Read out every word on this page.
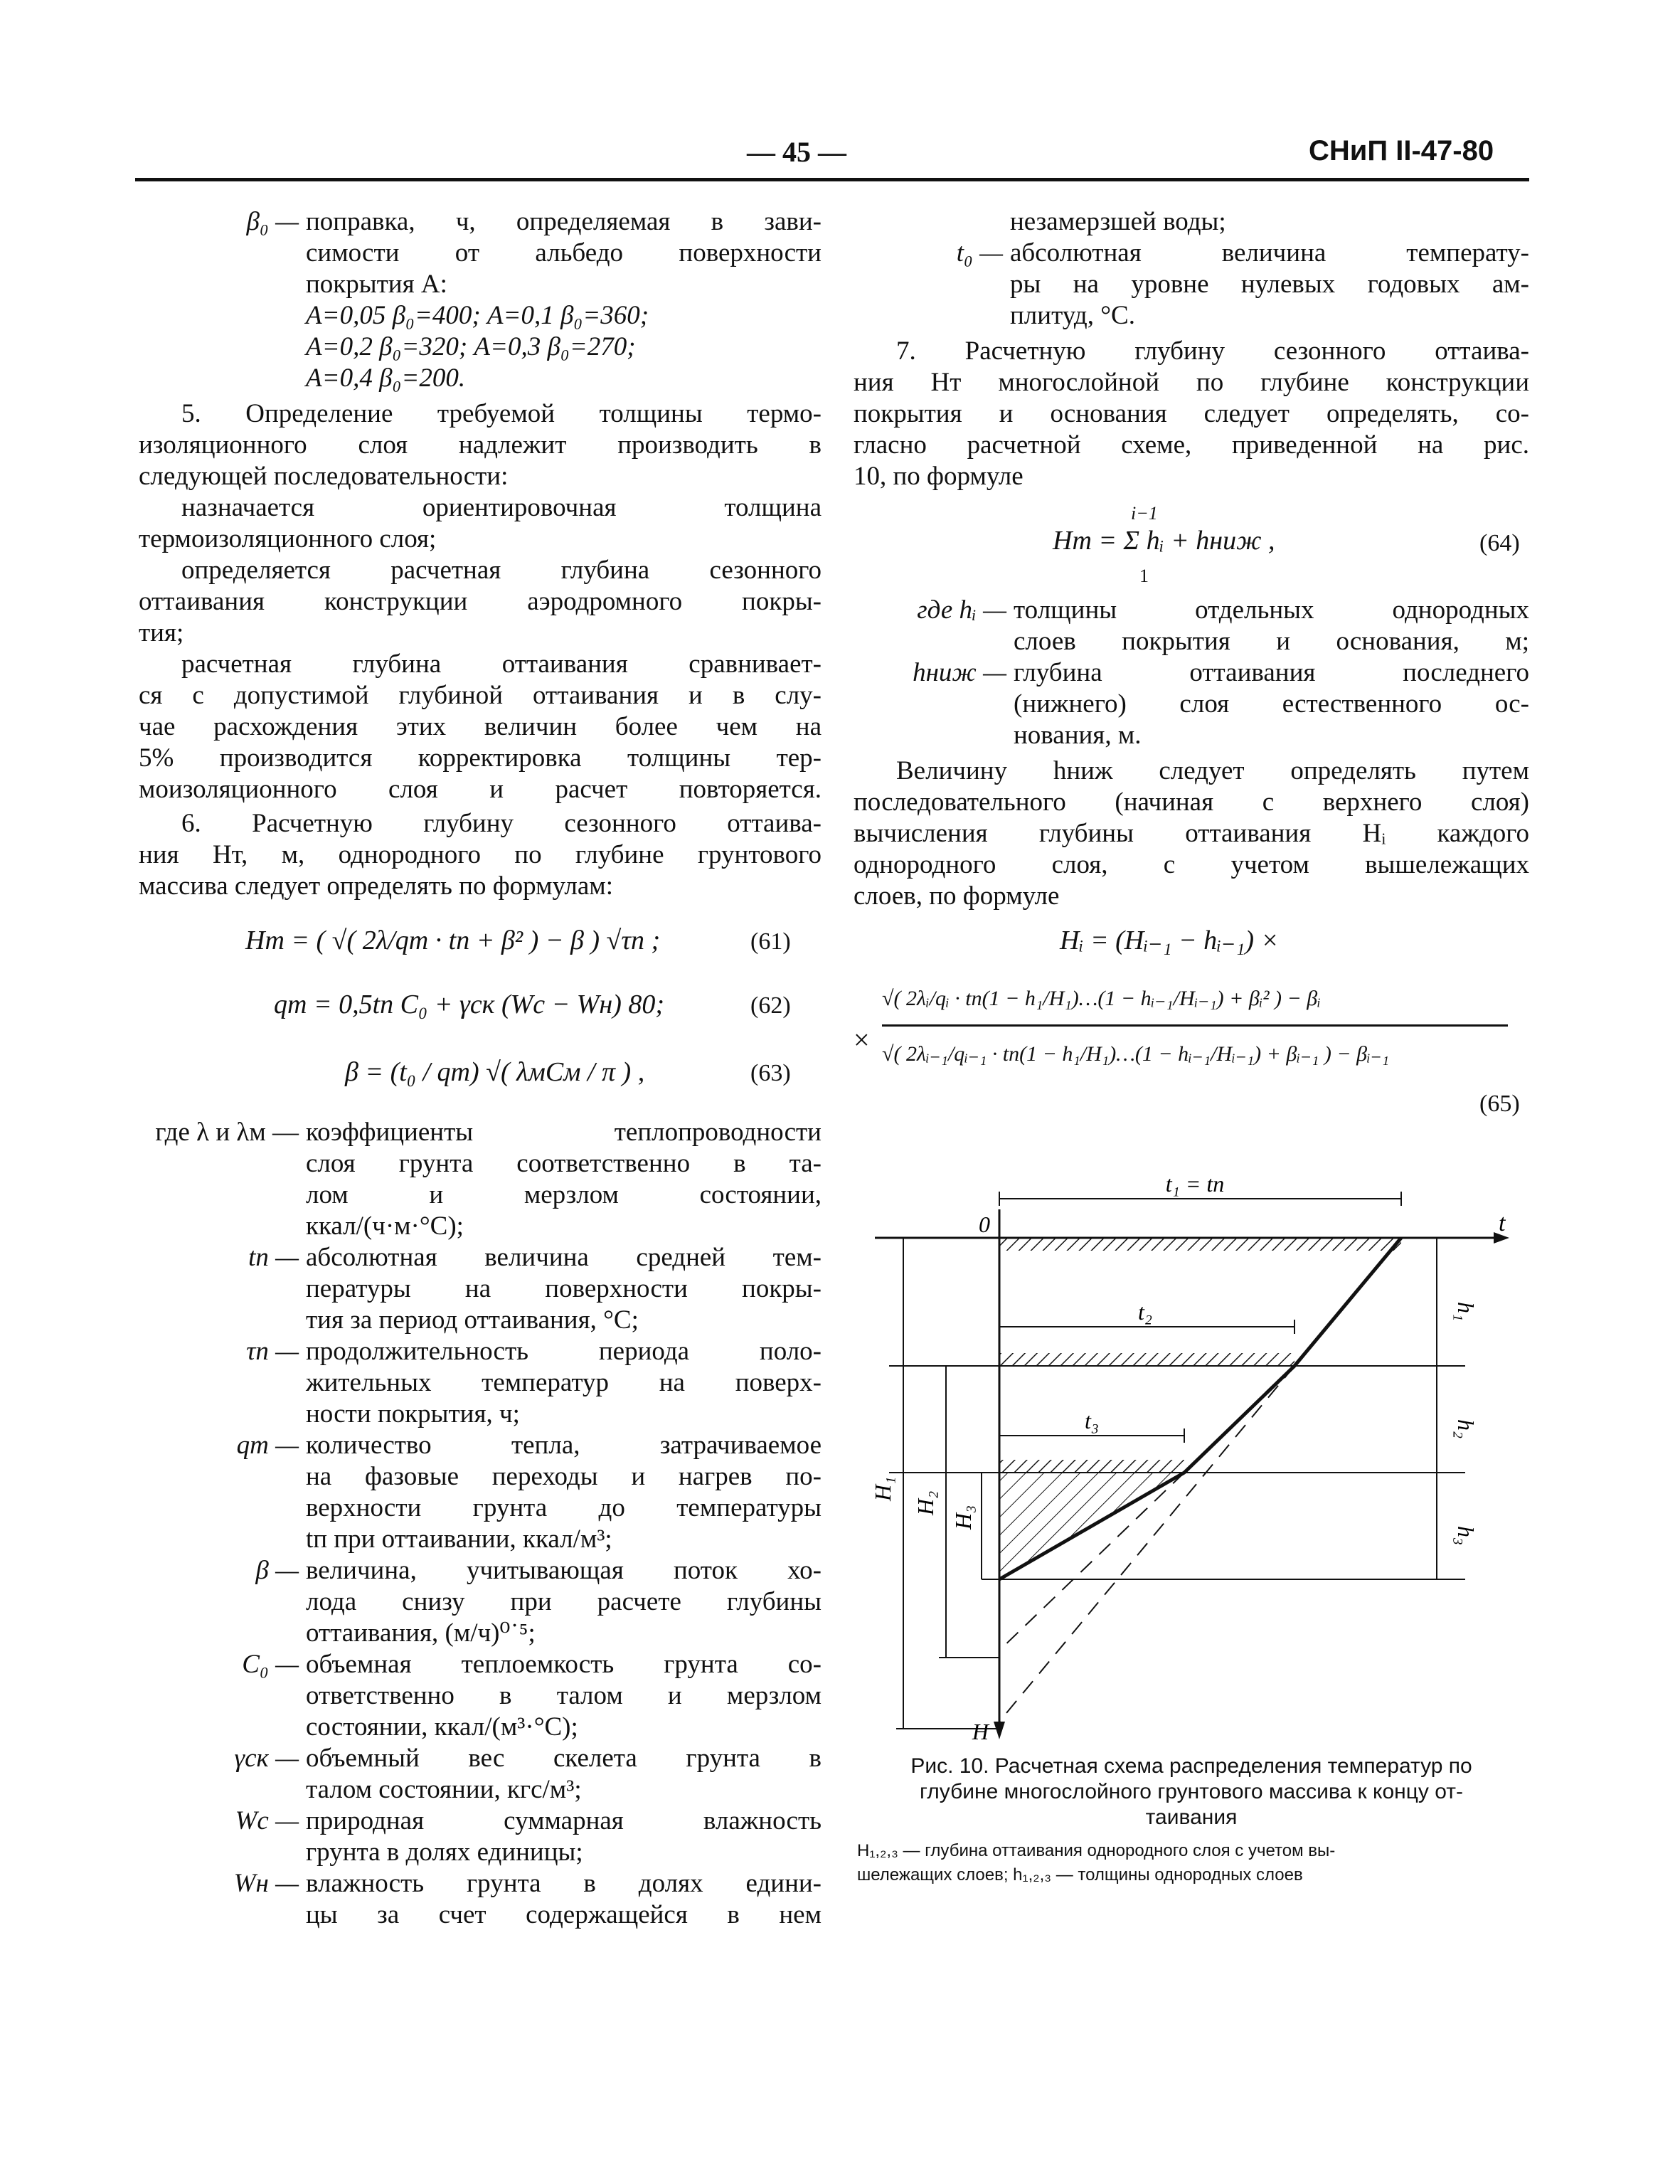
— 45 —	СНиП II-47-80
β₀ — поправка, ч, определяемая в зави-
симости от альбедо поверхности
покрытия A:
A=0,05 β₀=400; A=0,1 β₀=360;
A=0,2 β₀=320; A=0,3 β₀=270;
A=0,4 β₀=200.
5. Определение требуемой толщины термо-
изоляционного слоя надлежит производить в
следующей последовательности:
назначается ориентировочная толщина
термоизоляционного слоя;
определяется расчетная глубина сезонного
оттаивания конструкции аэродромного покры-
тия;
расчетная глубина оттаивания сравнивает-
ся с допустимой глубиной оттаивания и в слу-
чае расхождения этих величин более чем на
5% производится корректировка толщины тер-
моизоляционного слоя и расчет повторяется.
6. Расчетную глубину сезонного оттаива-
ния Hт, м, однородного по глубине грунтового
массива следует определять по формулам:
Hт = ( √( 2λ/qт · tп + β² ) − β ) √τп ;	(61)
qт = 0,5tп C₀ + γск (Wс − Wн) 80;	(62)
β = (t₀ / qт) √( λмCм / π ) ,	(63)
где λ и λм — коэффициенты теплопроводности
слоя грунта соответственно в та-
лом и мерзлом состоянии,
ккал/(ч·м·°С);
tп — абсолютная величина средней тем-
пературы на поверхности покры-
тия за период оттаивания, °С;
τп — продолжительность периода поло-
жительных температур на поверх-
ности покрытия, ч;
qт — количество тепла, затрачиваемое
на фазовые переходы и нагрев по-
верхности грунта до температуры
tп при оттаивании, ккал/м³;
β — величина, учитывающая поток хо-
лода снизу при расчете глубины
оттаивания, (м/ч)⁰˙⁵;
C₀ — объемная теплоемкость грунта со-
ответственно в талом и мерзлом
состоянии, ккал/(м³·°С);
γск — объемный вес скелета грунта в
талом состоянии, кгс/м³;
Wс — природная суммарная влажность
грунта в долях единицы;
Wн — влажность грунта в долях едини-
цы за счет содержащейся в нем
незамерзшей воды;
t₀ — абсолютная величина температу-
ры на уровне нулевых годовых ам-
плитуд, °С.
7. Расчетную глубину сезонного оттаива-
ния Hт многослойной по глубине конструкции
покрытия и основания следует определять, со-
гласно расчетной схеме, приведенной на рис.
10, по формуле
i−1
Hт = Σ hᵢ + hниж ,
1
(64)
где hᵢ — толщины отдельных однородных
слоев покрытия и основания, м;
hниж — глубина оттаивания последнего
(нижнего) слоя естественного ос-
нования, м.
Величину hниж следует определять путем
последовательного (начиная с верхнего слоя)
вычисления глубины оттаивания Hᵢ каждого
однородного слоя, с учетом вышележащих
слоев, по формуле
Hᵢ = (Hᵢ₋₁ − hᵢ₋₁) ×
×
√( 2λᵢ/qᵢ · tп(1 − h₁/H₁)…(1 − hᵢ₋₁/Hᵢ₋₁) + βᵢ² ) − βᵢ
√( 2λᵢ₋₁/qᵢ₋₁ · tп(1 − h₁/H₁)…(1 − hᵢ₋₁/Hᵢ₋₁) + βᵢ₋₁ ) − βᵢ₋₁
(65)
0	t
H
t₁ = tп
t₂
t₃
h₁
h₂
h₃
H₁
H₂
H₃
Рис. 10. Расчетная схема распределения температур по
глубине многослойного грунтового массива к концу от-
таивания
H₁,₂,₃ — глубина оттаивания однородного слоя с учетом вы-
шележащих слоев; h₁,₂,₃ — толщины однородных слоев
